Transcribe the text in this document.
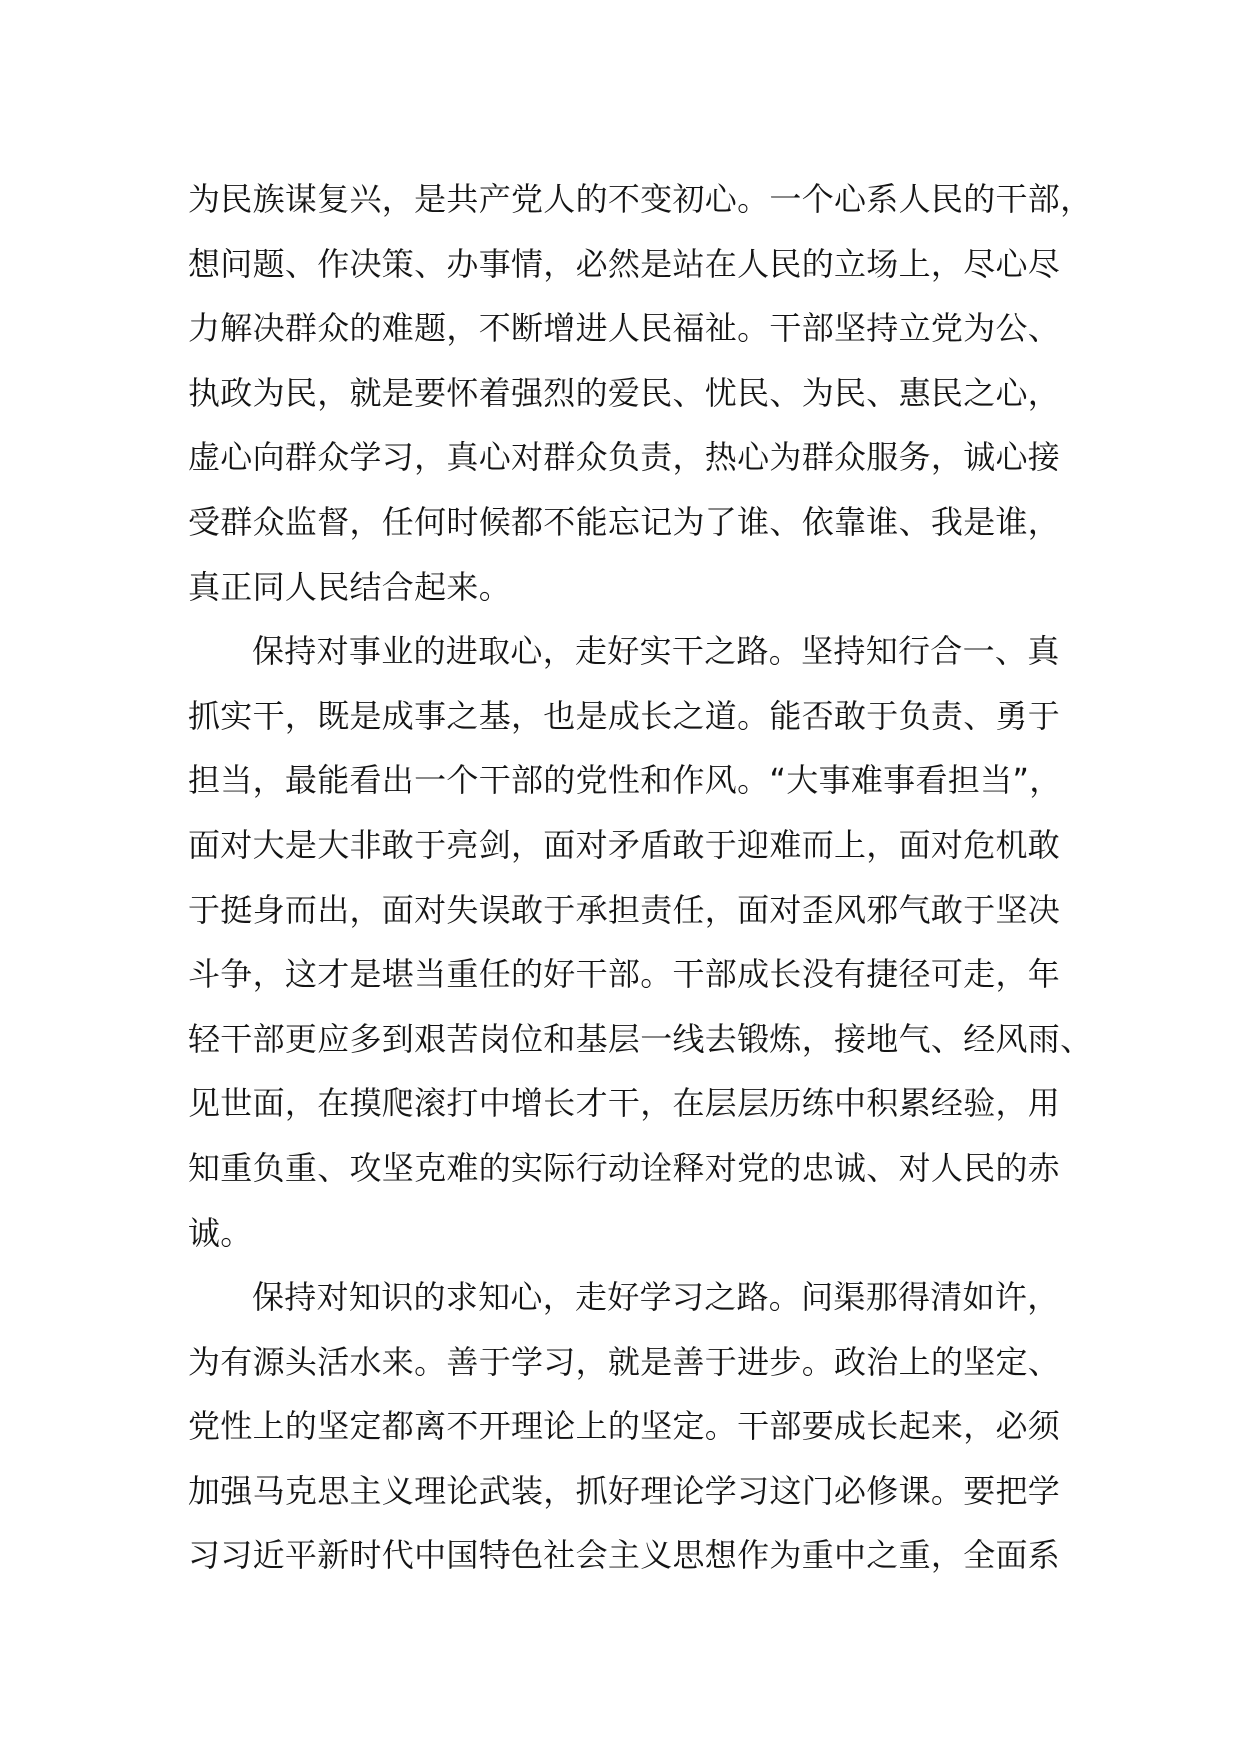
为民族谋复兴，是共产党人的不变初心。一个心系人民的干部，
想问题、作决策、办事情，必然是站在人民的立场上，尽心尽
力解决群众的难题，不断增进人民福祉。干部坚持立党为公、
执政为民，就是要怀着强烈的爱民、忧民、为民、惠民之心，
虚心向群众学习，真心对群众负责，热心为群众服务，诚心接
受群众监督，任何时候都不能忘记为了谁、依靠谁、我是谁，
真正同人民结合起来。
保持对事业的进取心，走好实干之路。坚持知行合一、真
抓实干，既是成事之基，也是成长之道。能否敢于负责、勇于
担当，最能看出一个干部的党性和作风。“大事难事看担当”，
面对大是大非敢于亮剑，面对矛盾敢于迎难而上，面对危机敢
于挺身而出，面对失误敢于承担责任，面对歪风邪气敢于坚决
斗争，这才是堪当重任的好干部。干部成长没有捷径可走，年
轻干部更应多到艰苦岗位和基层一线去锻炼，接地气、经风雨、
见世面，在摸爬滚打中增长才干，在层层历练中积累经验，用
知重负重、攻坚克难的实际行动诠释对党的忠诚、对人民的赤
诚。
保持对知识的求知心，走好学习之路。问渠那得清如许，
为有源头活水来。善于学习，就是善于进步。政治上的坚定、
党性上的坚定都离不开理论上的坚定。干部要成长起来，必须
加强马克思主义理论武装，抓好理论学习这门必修课。要把学
习习近平新时代中国特色社会主义思想作为重中之重，全面系
